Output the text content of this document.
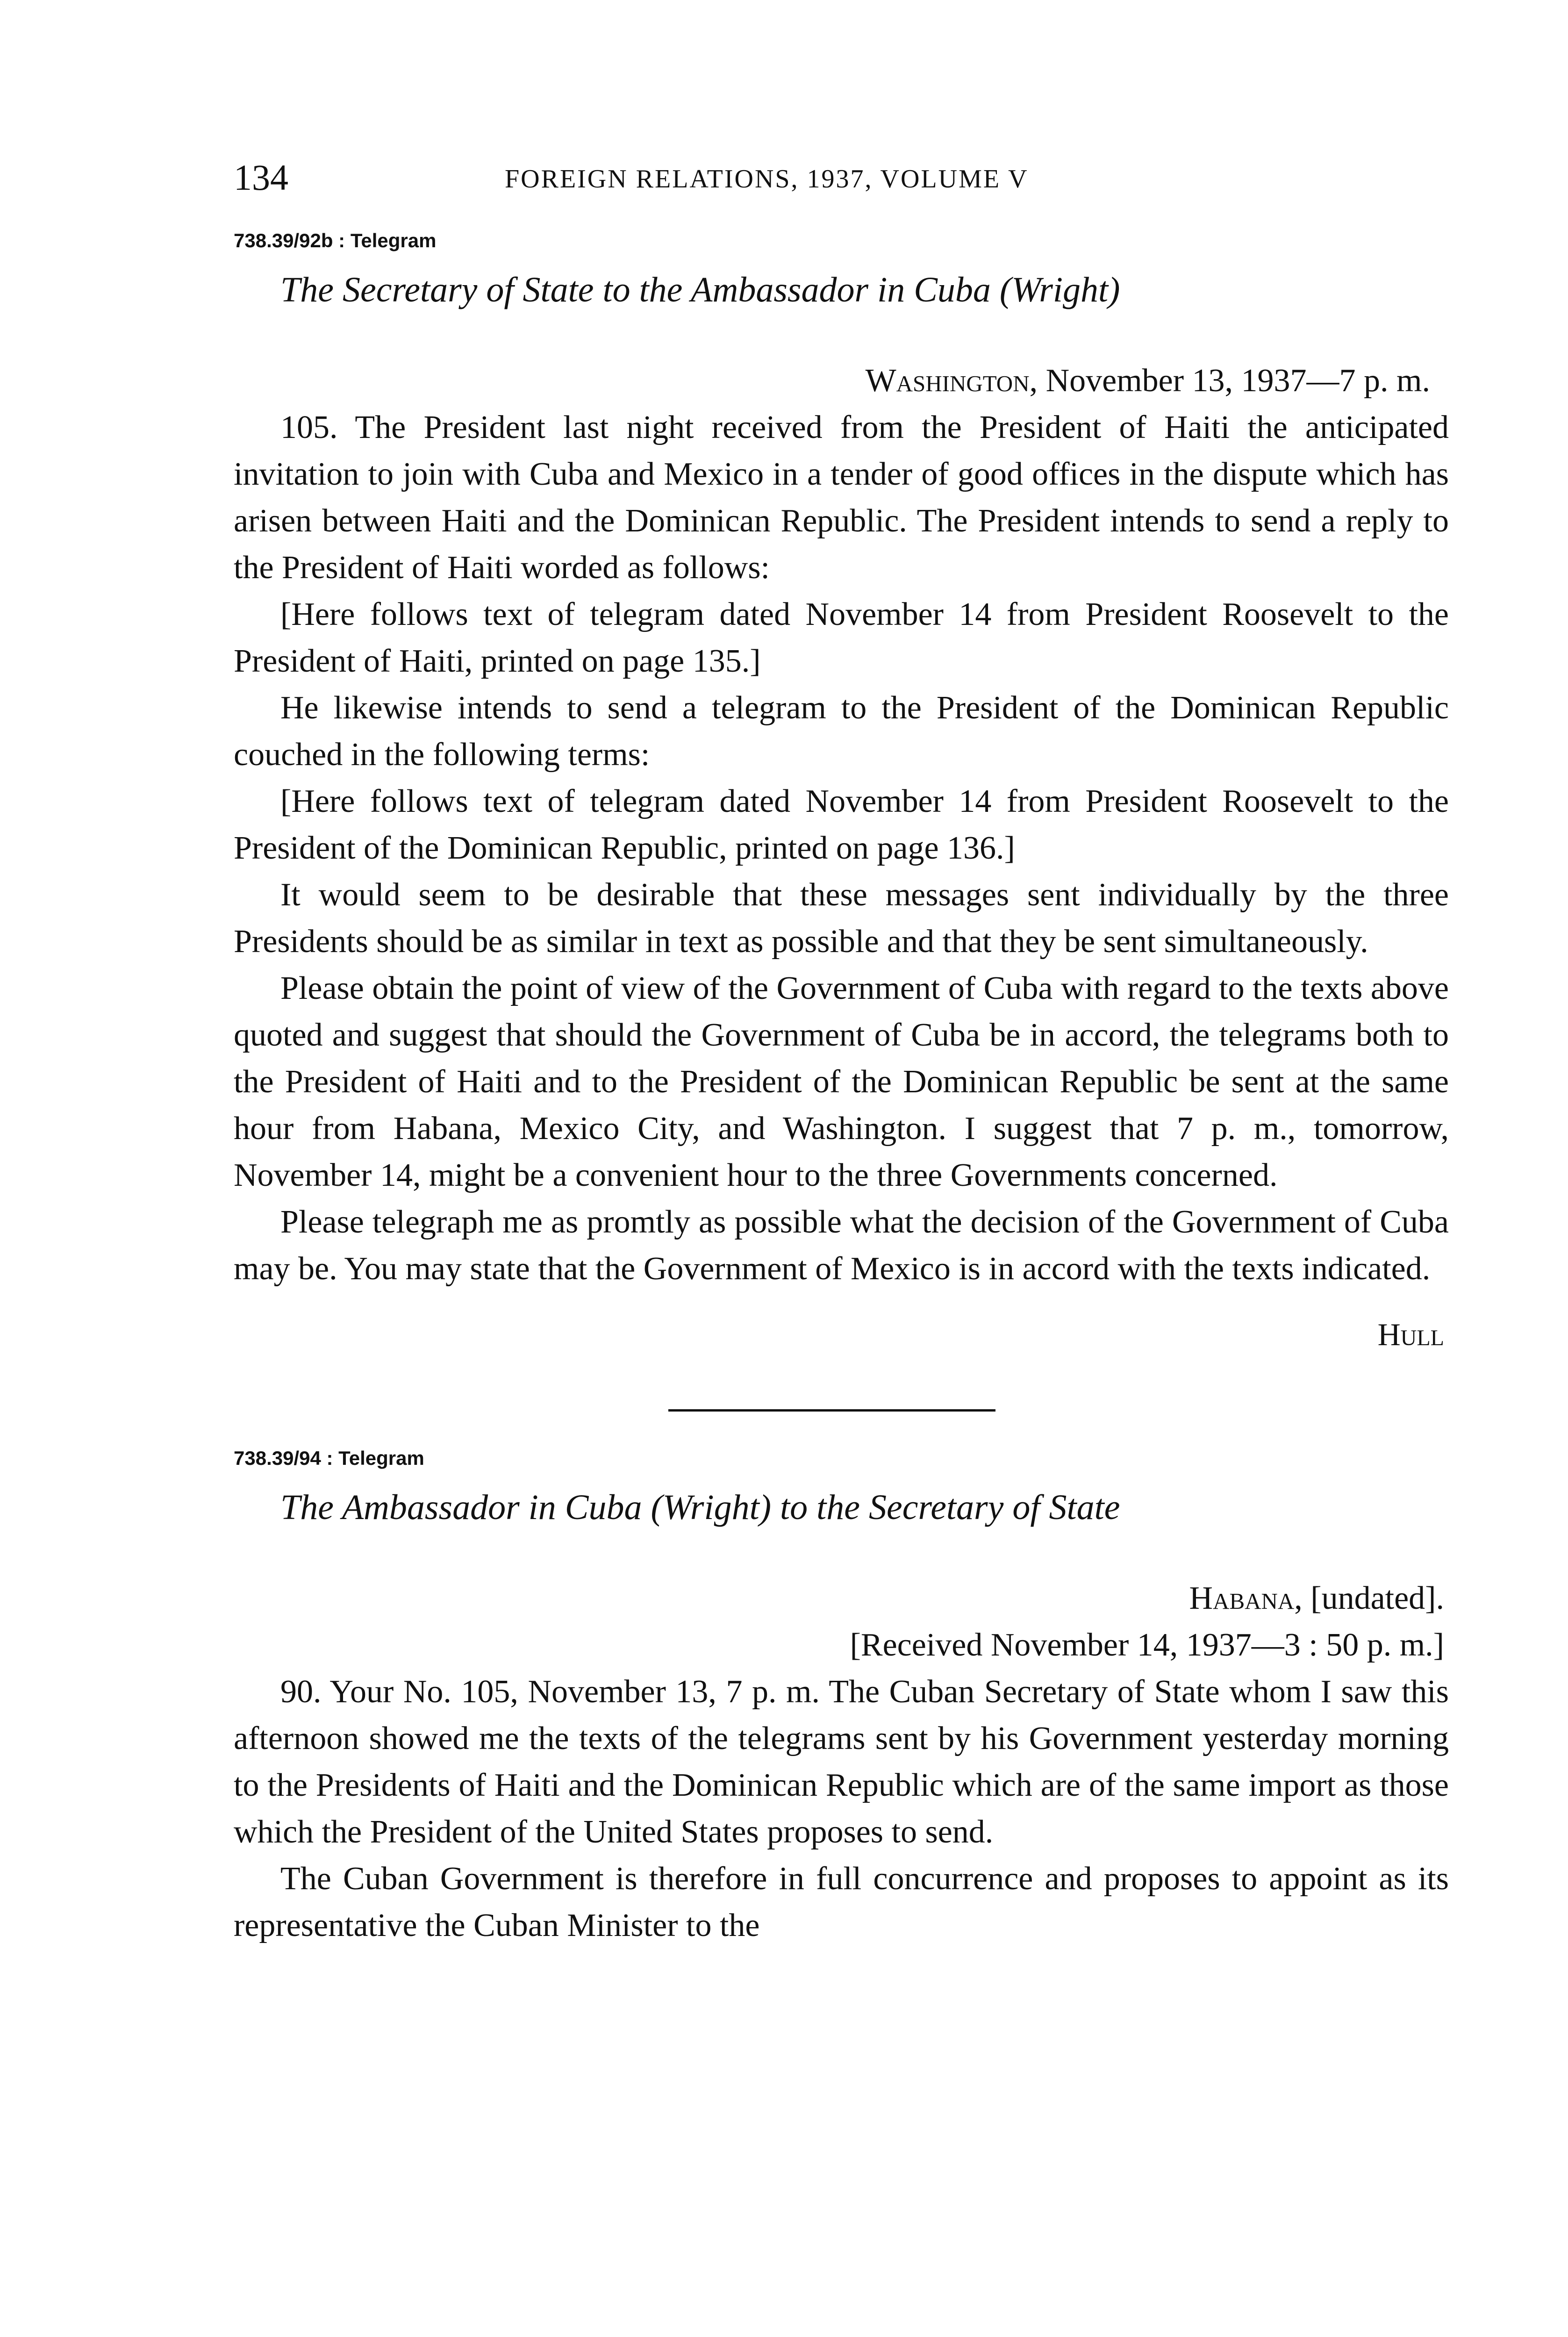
134	FOREIGN RELATIONS, 1937, VOLUME V
738.39/92b : Telegram
The Secretary of State to the Ambassador in Cuba (Wright)
Washington, November 13, 1937—7 p. m.

105. The President last night received from the President of Haiti the anticipated invitation to join with Cuba and Mexico in a tender of good offices in the dispute which has arisen between Haiti and the Dominican Republic. The President intends to send a reply to the President of Haiti worded as follows:

[Here follows text of telegram dated November 14 from President Roosevelt to the President of Haiti, printed on page 135.]

He likewise intends to send a telegram to the President of the Dominican Republic couched in the following terms:

[Here follows text of telegram dated November 14 from President Roosevelt to the President of the Dominican Republic, printed on page 136.]

It would seem to be desirable that these messages sent individually by the three Presidents should be as similar in text as possible and that they be sent simultaneously.

Please obtain the point of view of the Government of Cuba with regard to the texts above quoted and suggest that should the Government of Cuba be in accord, the telegrams both to the President of Haiti and to the President of the Dominican Republic be sent at the same hour from Habana, Mexico City, and Washington. I suggest that 7 p. m., tomorrow, November 14, might be a convenient hour to the three Governments concerned.

Please telegraph me as promtly as possible what the decision of the Government of Cuba may be. You may state that the Government of Mexico is in accord with the texts indicated.

Hull
738.39/94 : Telegram
The Ambassador in Cuba (Wright) to the Secretary of State
Habana, [undated].
[Received November 14, 1937—3 : 50 p. m.]

90. Your No. 105, November 13, 7 p. m. The Cuban Secretary of State whom I saw this afternoon showed me the texts of the telegrams sent by his Government yesterday morning to the Presidents of Haiti and the Dominican Republic which are of the same import as those which the President of the United States proposes to send.

The Cuban Government is therefore in full concurrence and proposes to appoint as its representative the Cuban Minister to the
